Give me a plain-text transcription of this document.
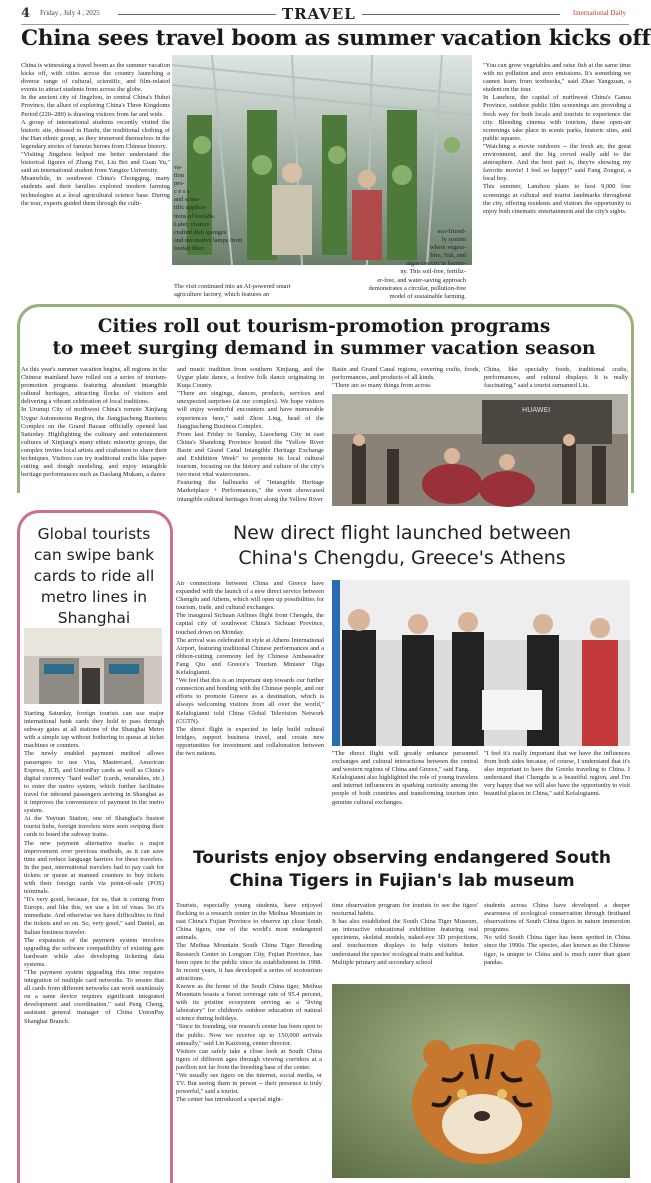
4 Friday , July 4 , 2025	TRAVEL	International Daily
China sees travel boom as summer vacation kicks off
China is witnessing a travel boom as the summer vacation kicks off, with cities across the country launching a diverse range of cultural, scientific, and film-related events to attract students from across the globe.
In the ancient city of Jingzhou, in central China's Hubei Province, the allure of exploring China's Three Kingdoms Period (220–280) is drawing visitors from far and wide.
A group of international students recently visited the historic site, dressed in Hanfu, the traditional clothing of the Han ethnic group, as they immersed themselves in the legendary stories of famous heroes from Chinese history.
"Visiting Jingzhou helped me better understand the historical figures of Zhang Fei, Liu Bei and Guan Yu," said an international student from Yangtze University.
Meanwhile, in southwest China's Chongqing, many students and their families explored modern farming technologies at a local agricultural science base. During the tour, experts guided them through the culti-
va-
tion
pro-
c e s s
and scien-
tific applica-
tions of loofahs.
Later, visitors
crafted dish sponges
and decorative lamps from
loofah fiber.
The visit continued into an AI-powered smart agriculture factory, which features an
eco-friend-
ly system
where vegeta-
bles, fish, and
algae coexist in harmo-
ny. This soil-free, fertiliz-
er-free, and water-saving approach
demonstrates a circular, pollution-free
model of sustainable farming.
"You can grow vegetables and raise fish at the same time with no pollution and zero emissions. It's something we cannot learn from textbooks," said Zhao Yangxuan, a student on the tour.
In Lanzhou, the capital of northwest China's Gansu Province, outdoor public film screenings are providing a fresh way for both locals and tourists to experience the city. Blending cinema with tourism, these open-air screenings take place in scenic parks, historic sites, and public squares.
"Watching a movie outdoors -- the fresh air, the great environment, and the big crowd really add to the atmosphere. And the best part is, they're showing my favorite movie! I feel so happy!" said Fang Zongrui, a local boy.
This summer, Lanzhou plans to host 9,000 free screenings at cultural and tourist landmarks throughout the city, offering residents and visitors the opportunity to enjoy both cinematic entertainment and the city's sights.
Cities roll out tourism-promotion programs
to meet surging demand in summer vacation season
As this year's summer vacation begins, all regions in the Chinese mainland have rolled out a series of tourism-promotion programs featuring abundant intangible cultural heritages, attracting flocks of visitors and delivering a vibrant celebration of local traditions.
In Urumqi City of northwest China's remote Xinjiang Uygur Autonomous Region, the Jiangjiacheng Business Complex on the Grand Bazaar officially opened last Saturday. Highlighting the culinary and entertainment cultures of Xinjiang's many ethnic minority groups, the complex invites local artists and craftsmen to share their techniques. Visitors can try traditional crafts like paper-cutting and dough modeling, and enjoy intangible heritage performances such as Daolang Mukam, a dance
and music tradition from southern Xinjiang, and the Uygur plate dance, a festive folk dance originating in Kuqa County.
"There are singings, dances, products, services and unexpected surprises (at our complex). We hope visitors will enjoy wonderful encounters and have memorable experiences here," said Zhou Ling, head of the Jiangjiacheng Business Complex.
From last Friday to Sunday, Liaocheng City in east China's Shandong Province hosted the "Yellow River Basin and Grand Canal Intangible Heritage Exchange and Exhibition Week" to promote its local cultural tourism, focusing on the history and culture of the city's two most vital watercourses.
Featuring the hallmarks of "Intangible Heritage Marketplace + Performances," the event showcased intangible cultural heritages from along the Yellow River
Basin and Grand Canal regions, covering crafts, foods, performances, and products of all kinds.
"There are so many things from across
China, like specialty foods, traditional crafts, performances, and cultural displays. It is really fascinating," said a tourist surnamed Liu.
HUAWEI
Global tourists can swipe bank cards to ride all metro lines in Shanghai
Starting Saturday, foreign tourists can use major international bank cards they hold to pass through subway gates at all stations of the Shanghai Metro with a simple tap without bothering to queue at ticket machines or counters.
The newly enabled payment method allows passengers to use Visa, Mastercard, American Express, JCB, and UnionPay cards as well as China's digital currency "hard wallet" (cards, wearables, etc.) to enter the metro system, which further facilitates travel for inbound passengers arriving in Shanghai as it improves the convenience of payment in the metro system.
At the Yuyuan Station, one of Shanghai's busiest tourist hubs, foreign travelers were seen swiping their cards to board the subway trains.
The new payment alternative marks a major improvement over previous methods, as it can save time and reduce language barriers for these travelers. In the past, international travelers had to pay cash for tickets or queue at manned counters to buy tickets with their foreign cards via point-of-sale (POS) terminals.
"It's very good, because, for us, that is coming from Europe, and like this, we use a lot of visas. So it's immediate. And otherwise we have difficulties to find the tickets and so on. So, very good," said Daniel, an Italian business traveler.
The expansion of the payment system involves upgrading the software compatibility of existing gate hardware while also developing ticketing data systems.
"The payment system upgrading this time requires integration of multiple card networks. To ensure that all cards from different networks can work seamlessly on a same device requires significant integrated development and coordination," said Peng Cheng, assistant general manager of China UnionPay Shanghai Branch.
New direct flight launched between
China's Chengdu, Greece's Athens
Air connections between China and Greece have expanded with the launch of a new direct service between Chengdu and Athens, which will open up possibilities for tourism, trade, and cultural exchanges.
The inaugural Sichuan Airlines flight from Chengdu, the capital city of southwest China's Sichuan Province, touched down on Monday.
The arrival was celebrated in style at Athens International Airport, featuring traditional Chinese performances and a ribbon-cutting ceremony led by Chinese Ambassador Fang Qiu and Greece's Tourism Minister Olga Kefalogianni.
"We feel that this is an important step towards our further connection and bonding with the Chinese people, and our efforts to promote Greece as a destination, which is always welcoming visitors from all over the world," Kefalogianni told China Global Television Network (CGTN).
The direct flight is expected to help build cultural bridges, support business travel, and create new opportunities for investment and collaboration between the two nations.	"The direct flight will greatly enhance personnel exchanges and cultural interactions between the central and western regions of China and Greece," said Fang.
Kefalogianni also highlighted the role of young travelers and internet influencers in sparking curiosity among the people of both countries and transforming tourism into genuine cultural exchanges.
"I feel it's really important that we have the influences from both sides because, of course, I understand that it's also important to have the Greeks traveling to China. I understand that Chengdu is a beautiful region, and I'm very happy that we will also have the opportunity to visit beautiful places in China," said Kefalogianni.
Tourists enjoy observing endangered South
China Tigers in Fujian's lab museum
Tourists, especially young students, have enjoyed flocking to a research center in the Meihua Mountain in east China's Fujian Province to observe up close South China tigers, one of the world's most endangered animals.
The Meihua Mountain South China Tiger Breeding Research Center in Longyan City, Fujian Province, has been open to the public since its establishment in 1998. In recent years, it has developed a series of ecotourism attractions.
Known as the home of the South China tiger, Meihua Mountain boasts a forest coverage rate of 95.4 percent, with its pristine ecosystem serving as a "living laboratory" for children's outdoor education of natural science during holidays.
"Since its founding, our research center has been open to the public. Now we receive up to 150,000 arrivals annually," said Lin Kaixiong, center director.
Visitors can safely take a close look at South China tigers of different ages through viewing corridors at a pavilion not far from the breeding base of the center.
"We usually see tigers on the internet, social media, or TV. But seeing them in person -- their presence is truly powerful," said a tourist.
The center has introduced a special night-
time observation program for tourists to see the tigers' nocturnal habits.
It has also established the South China Tiger Museum, an interactive educational exhibition featuring real specimens, skeletal models, naked-eye 3D projections, and touchscreen displays to help visitors better understand the species' ecological traits and habitat.
Multiple primary and secondary school
students across China have developed a deeper awareness of ecological conservation through firsthand observations of South China tigers in nature immersion programs.
No wild South China tiger has been spotted in China since the 1990s. The species, also known as the Chinese tiger, is unique to China and is much rarer than giant pandas.
